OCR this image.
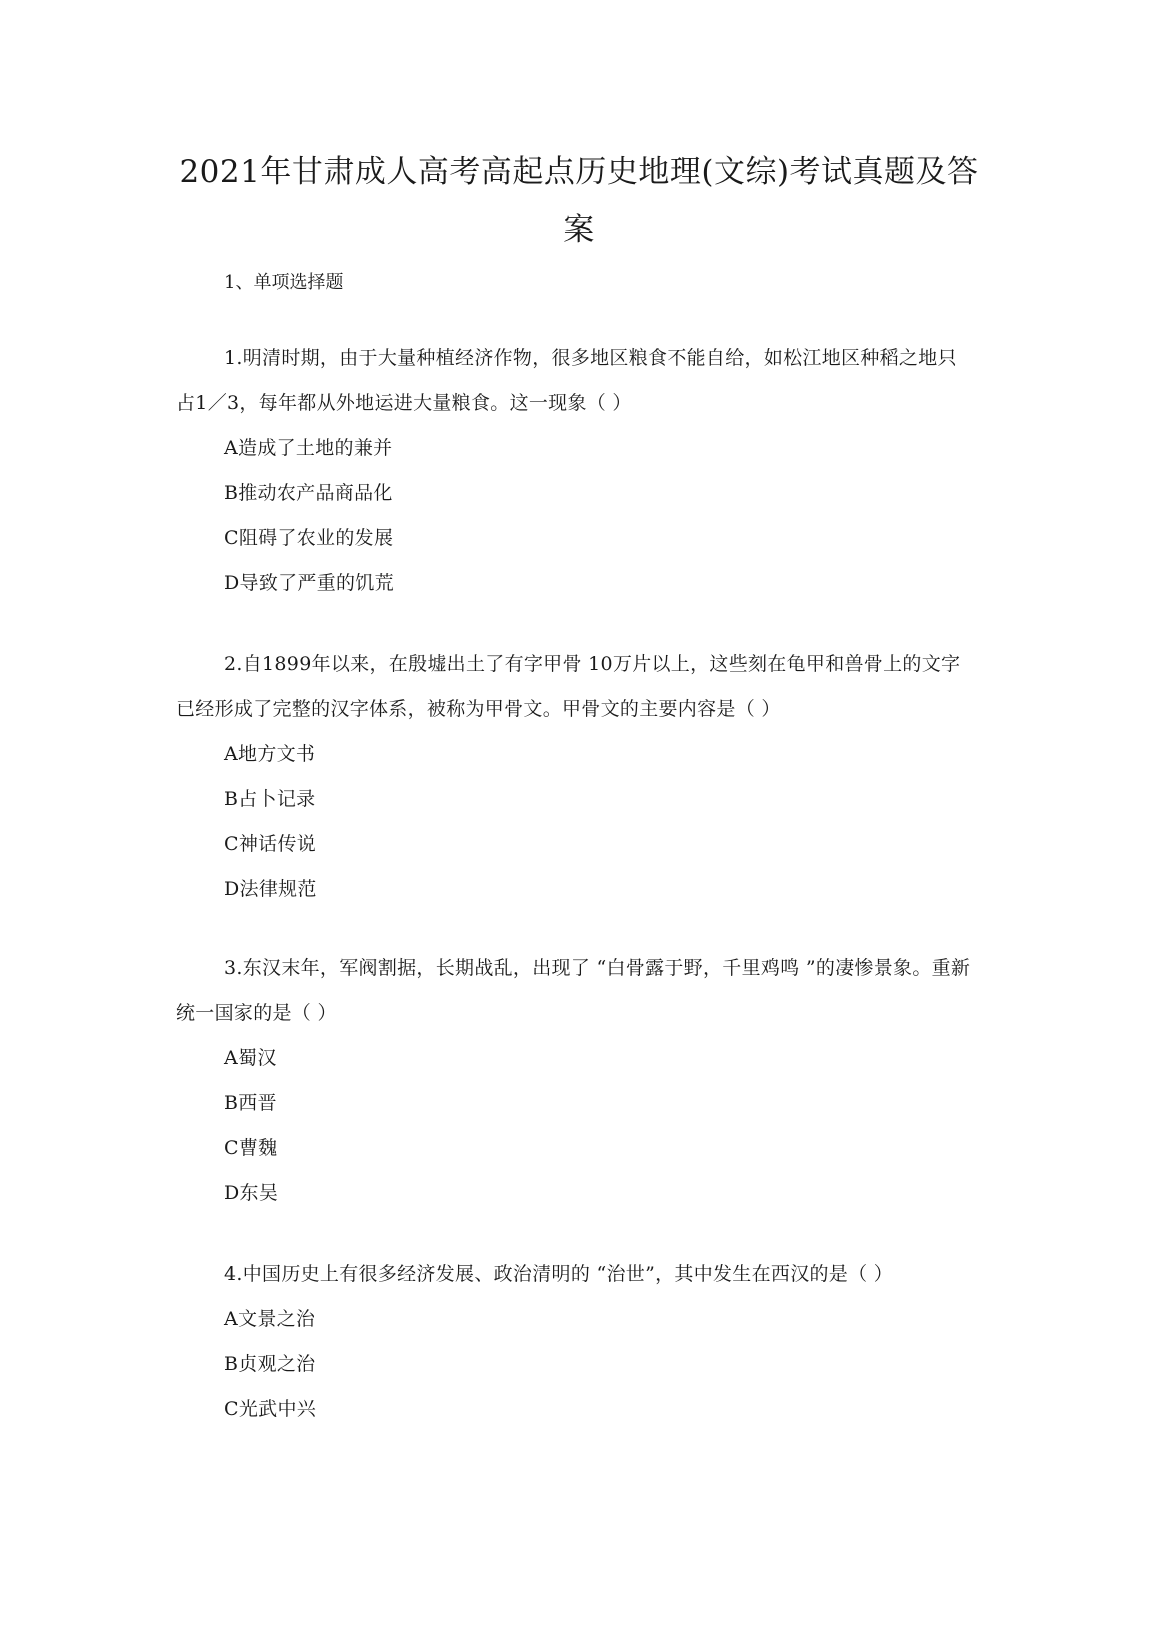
2021年甘肃成人高考高起点历史地理(文综)考试真题及答
案
1、单项选择题

1.明清时期，由于大量种植经济作物，很多地区粮食不能自给，如松江地区种稻之地只占1／3，每年都从外地运进大量粮食。这一现象（ ）

A造成了土地的兼并

B推动农产品商品化

C阻碍了农业的发展

D导致了严重的饥荒

2.自1899年以来，在殷墟出土了有字甲骨 10万片以上，这些刻在龟甲和兽骨上的文字已经形成了完整的汉字体系，被称为甲骨文。甲骨文的主要内容是（ ）

A地方文书

B占卜记录

C神话传说

D法律规范

3.东汉末年，军阀割据，长期战乱，出现了 “白骨露于野，千里鸡鸣 ”的凄惨景象。重新统一国家的是（ ）

A蜀汉

B西晋

C曹魏

D东吴

4.中国历史上有很多经济发展、政治清明的 “治世”，其中发生在西汉的是（ ）

A文景之治

B贞观之治

C光武中兴
